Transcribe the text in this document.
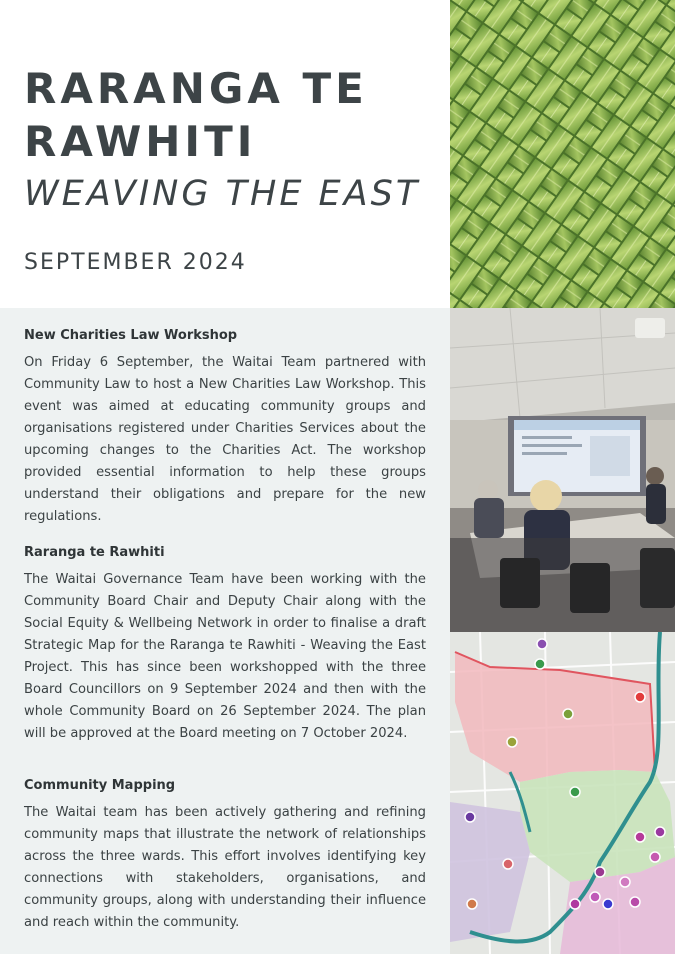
RARANGA TE
RAWHITI
WEAVING THE EAST
SEPTEMBER 2024
New Charities Law Workshop

On Friday 6 September, the Waitai Team partnered with Community Law to host a New Charities Law Workshop. This event was aimed at educating community groups and organisations registered under Charities Services about the upcoming changes to the Charities Act. The workshop provided essential information to help these groups understand their obligations and prepare for the new regulations.

Raranga te Rawhiti

The Waitai Governance Team have been working with the Community Board Chair and Deputy Chair along with the Social Equity & Wellbeing Network in order to finalise a draft Strategic Map for the Raranga te Rawhiti - Weaving the East Project. This has since been workshopped with the three Board Councillors on 9 September 2024 and then with the whole Community Board on 26 September 2024. The plan will be approved at the Board meeting on 7 October 2024.

Community Mapping

The Waitai team has been actively gathering and refining community maps that illustrate the network of relationships across the three wards. This effort involves identifying key connections with stakeholders, organisations, and community groups, along with understanding their influence and reach within the community.
